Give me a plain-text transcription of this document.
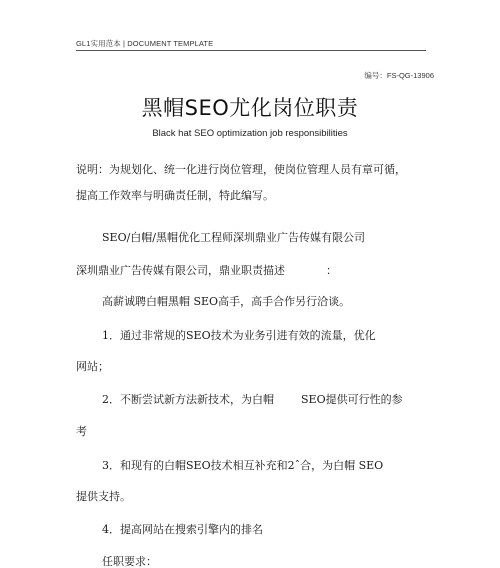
GL1实用范本 | DOCUMENT TEMPLATE
编号：FS-QG-13906
黑帽SEO尤化岗位职责
Black hat SEO optimization job responsibilities
说明：为规划化、统一化进行岗位管理，使岗位管理人员有章可循，
提高工作效率与明确责任制，特此编写。
SEO/白帽/黑帽优化工程师深圳鼎业广告传媒有限公司
深圳鼎业广告传媒有限公司，鼎业职责描述	：
高薪诚聘白帽黑帽 SEO高手，高手合作另行洽谈。
1．通过非常规的SEO技术为业务引进有效的流量，优化
网站；
2．不断尝试新方法新技术，为白帽 SEO提供可行性的参
考
3．和现有的白帽SEO技术相互补充和2ˆ合，为白帽 SEO
提供支持。
4．提高网站在搜索引擎内的排名
任职要求：
